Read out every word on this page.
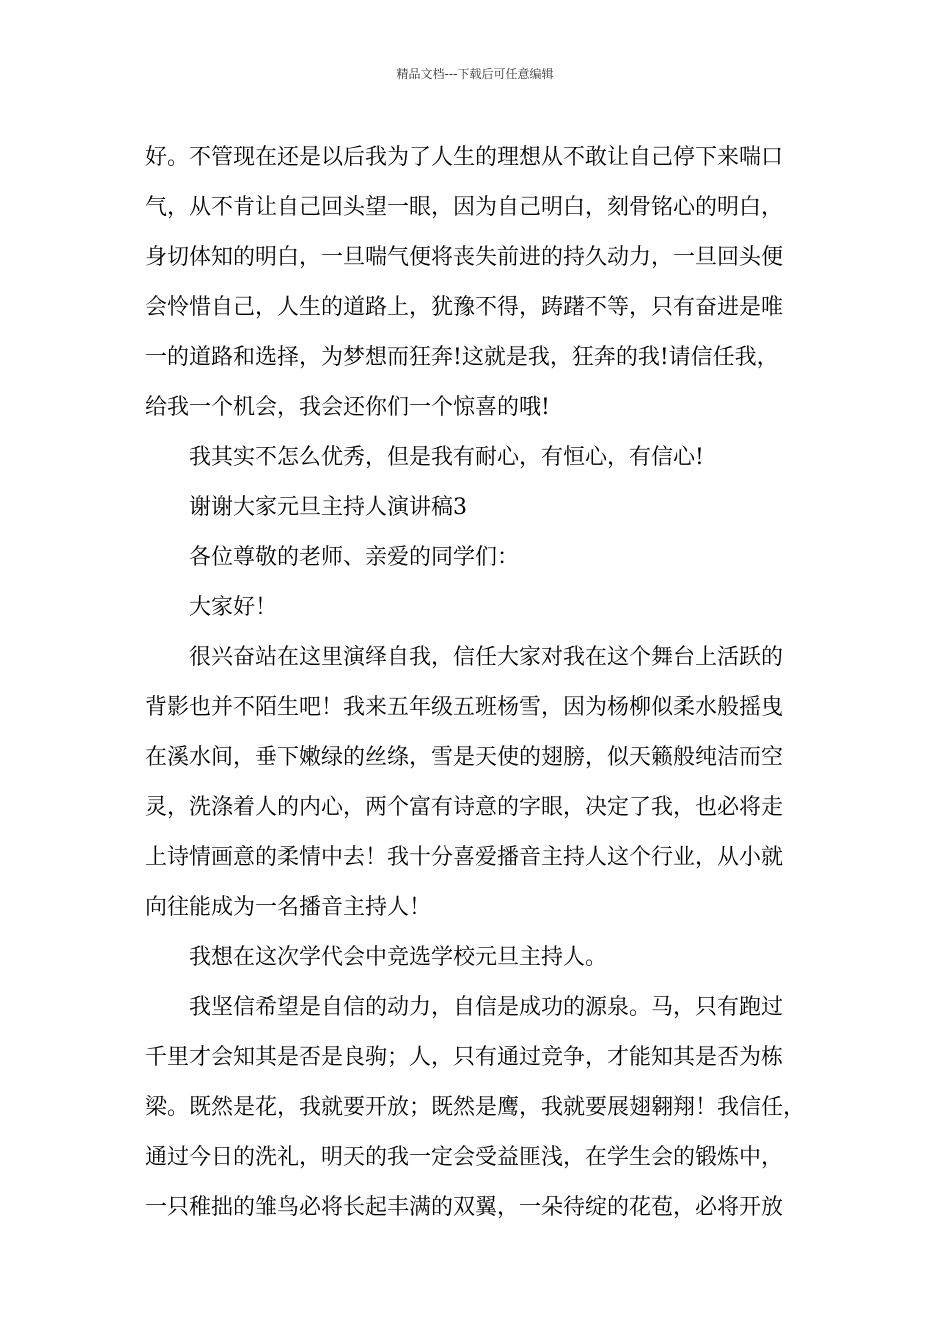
精品文档---下载后可任意编辑
好。不管现在还是以后我为了人生的理想从不敢让自己停下来喘口
气，从不肯让自己回头望一眼，因为自己明白，刻骨铭心的明白，
身切体知的明白，一旦喘气便将丧失前进的持久动力，一旦回头便
会怜惜自己，人生的道路上，犹豫不得，踌躇不等，只有奋进是唯
一的道路和选择，为梦想而狂奔!这就是我，狂奔的我!请信任我，
给我一个机会，我会还你们一个惊喜的哦!
我其实不怎么优秀，但是我有耐心，有恒心，有信心!
谢谢大家元旦主持人演讲稿3
各位尊敬的老师、亲爱的同学们：
大家好！
很兴奋站在这里演绎自我，信任大家对我在这个舞台上活跃的
背影也并不陌生吧！我来五年级五班杨雪，因为杨柳似柔水般摇曳
在溪水间，垂下嫩绿的丝绦，雪是天使的翅膀，似天籁般纯洁而空
灵，洗涤着人的内心，两个富有诗意的字眼，决定了我，也必将走
上诗情画意的柔情中去！我十分喜爱播音主持人这个行业，从小就
向往能成为一名播音主持人！
我想在这次学代会中竞选学校元旦主持人。
我坚信希望是自信的动力，自信是成功的源泉。马，只有跑过
千里才会知其是否是良驹；人，只有通过竞争，才能知其是否为栋
梁。既然是花，我就要开放；既然是鹰，我就要展翅翱翔！我信任，
通过今日的洗礼，明天的我一定会受益匪浅，在学生会的锻炼中，
一只稚拙的雏鸟必将长起丰满的双翼，一朵待绽的花苞，必将开放
